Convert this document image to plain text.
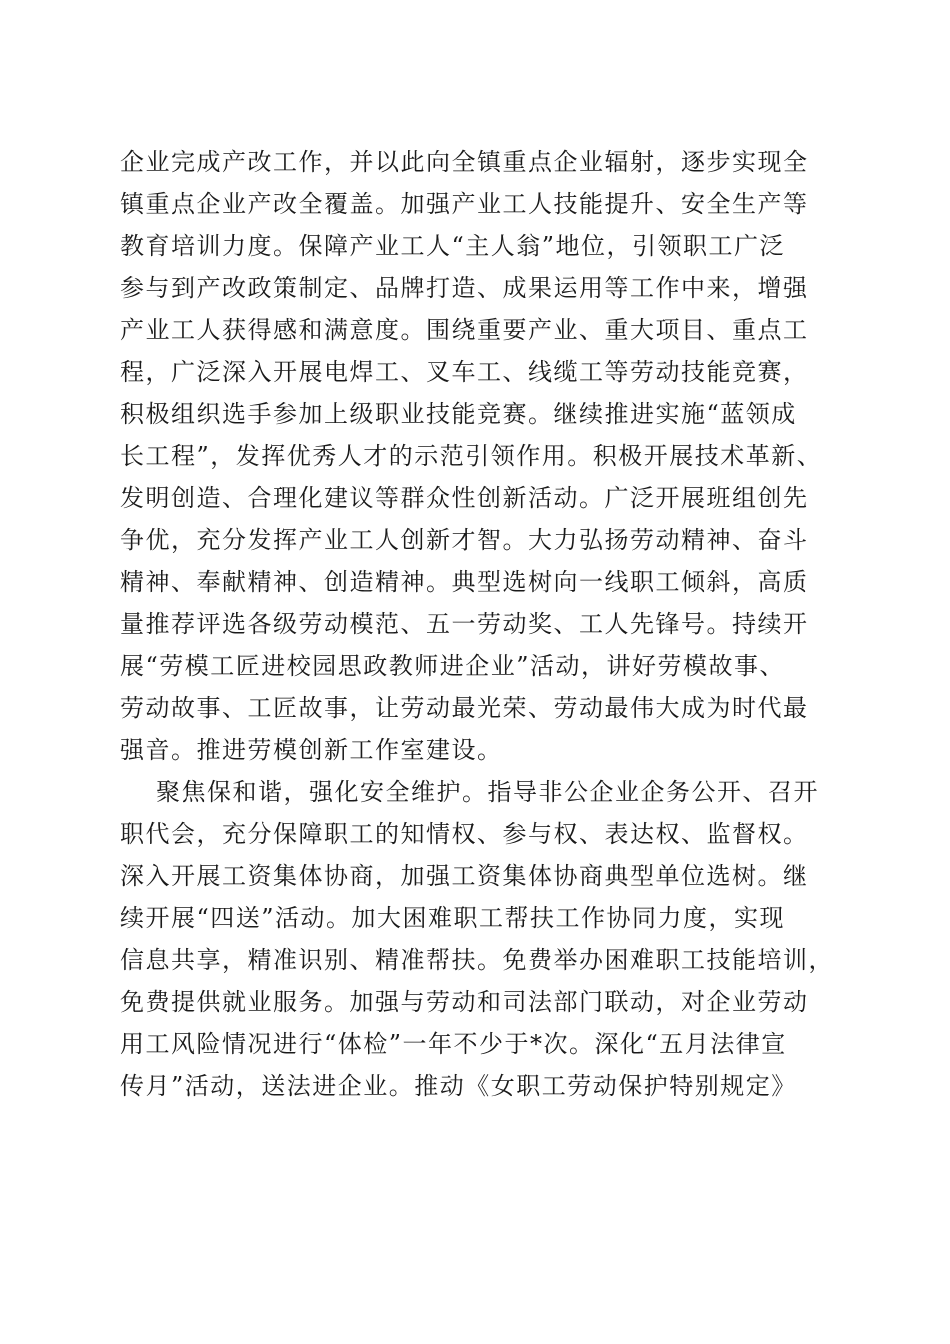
企业完成产改工作，并以此向全镇重点企业辐射，逐步实现全
镇重点企业产改全覆盖。加强产业工人技能提升、安全生产等
教育培训力度。保障产业工人“主人翁”地位，引领职工广泛
参与到产改政策制定、品牌打造、成果运用等工作中来，增强
产业工人获得感和满意度。围绕重要产业、重大项目、重点工
程，广泛深入开展电焊工、叉车工、线缆工等劳动技能竞赛，
积极组织选手参加上级职业技能竞赛。继续推进实施“蓝领成
长工程”，发挥优秀人才的示范引领作用。积极开展技术革新、
发明创造、合理化建议等群众性创新活动。广泛开展班组创先
争优，充分发挥产业工人创新才智。大力弘扬劳动精神、奋斗
精神、奉献精神、创造精神。典型选树向一线职工倾斜，高质
量推荐评选各级劳动模范、五一劳动奖、工人先锋号。持续开
展“劳模工匠进校园思政教师进企业”活动，讲好劳模故事、
劳动故事、工匠故事，让劳动最光荣、劳动最伟大成为时代最
强音。推进劳模创新工作室建设。
聚焦保和谐，强化安全维护。指导非公企业企务公开、召开
职代会，充分保障职工的知情权、参与权、表达权、监督权。
深入开展工资集体协商，加强工资集体协商典型单位选树。继
续开展“四送”活动。加大困难职工帮扶工作协同力度，实现
信息共享，精准识别、精准帮扶。免费举办困难职工技能培训，
免费提供就业服务。加强与劳动和司法部门联动，对企业劳动
用工风险情况进行“体检”一年不少于*次。深化“五月法律宣
传月”活动，送法进企业。推动《女职工劳动保护特别规定》
